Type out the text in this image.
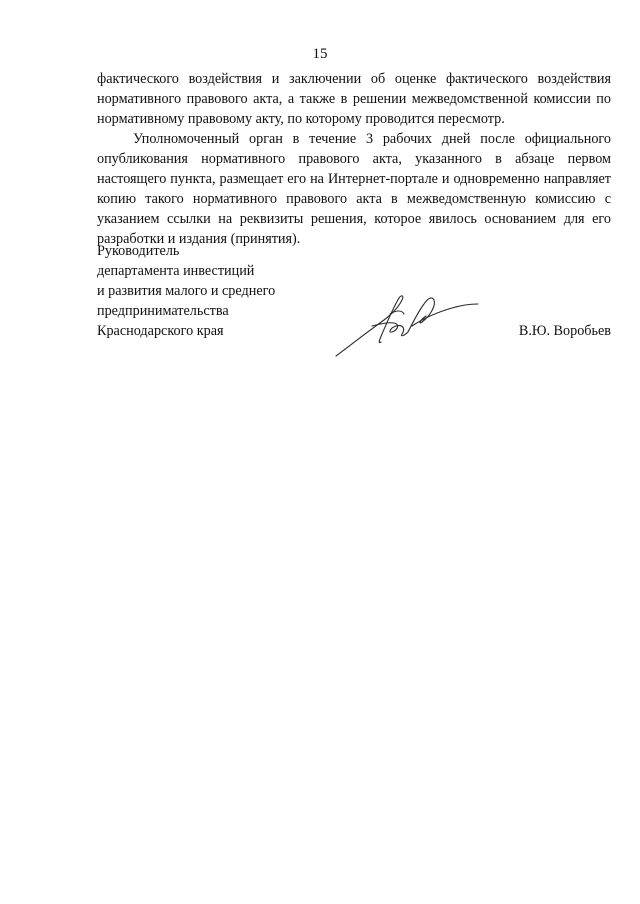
15

фактического воздействия и заключении об оценке фактического воздействия нормативного правового акта, а также в решении межведомственной комиссии по нормативному правовому акту, по которому проводится пересмотр.

Уполномоченный орган в течение 3 рабочих дней после официального опубликования нормативного правового акта, указанного в абзаце первом настоящего пункта, размещает его на Интернет-портале и одновременно направляет копию такого нормативного правового акта в межведомственную комиссию с указанием ссылки на реквизиты решения, которое явилось основанием для его разработки и издания (принятия).

Руководитель
департамента инвестиций
и развития малого и среднего
предпринимательства
Краснодарского края	В.Ю. Воробьев
